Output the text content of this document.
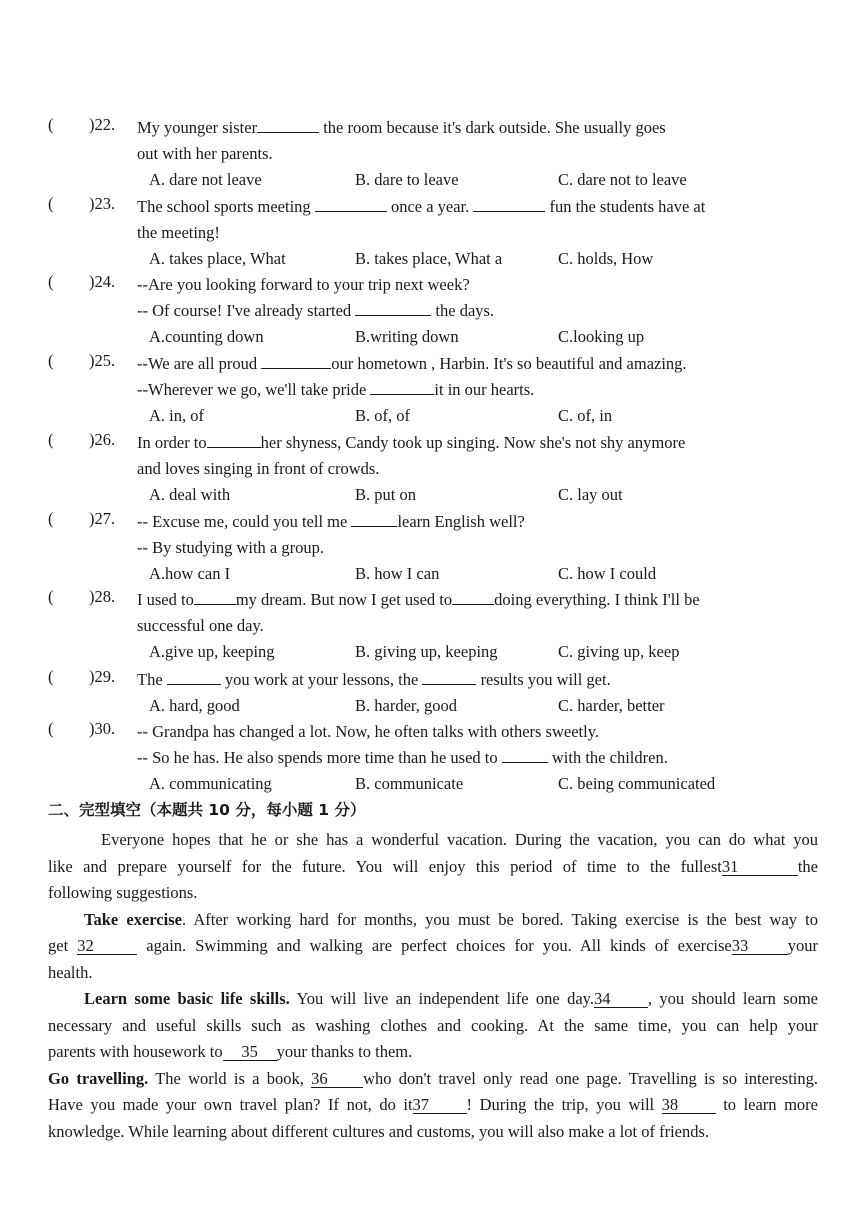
( )22. My younger sister	the room because it's dark outside. She usually goes
out with her parents.
A. dare not leave	B. dare to leave	C. dare not to leave
( )23. The school sports meeting	once a year.	fun the students have at
the meeting!
A. takes place, What	B. takes place, What a	C. holds, How
( )24. --Are you looking forward to your trip next week?
-- Of course! I've already started	the days.
A.counting down	B.writing down	C.looking up
( )25. --We are all proud	our hometown , Harbin. It's so beautiful and amazing.
--Wherever we go, we'll take pride	it in our hearts.
A. in, of	B. of, of	C. of, in
( )26. In order to	her shyness, Candy took up singing. Now she's not shy anymore
and loves singing in front of crowds.
A. deal with	B. put on	C. lay out
( )27. -- Excuse me, could you tell me	learn English well?
-- By studying with a group.
A.how can I	B. how I can	C. how I could
( )28. I used to	my dream. But now I get used to	doing everything. I think I'll be
successful one day.
A.give up, keeping	B. giving up, keeping	C. giving up, keep
( )29. The	you work at your lessons, the	results you will get.
A. hard, good	B. harder, good	C. harder, better
( )30. -- Grandpa has changed a lot. Now, he often talks with others sweetly.
-- So he has. He also spends more time than he used to	with the children.
A. communicating	B. communicate	C. being communicated
二、完型填空（本题共 10 分，每小题 1 分）
Everyone hopes that he or she has a wonderful vacation. During the vacation, you can do what you
like and prepare yourself for the future. You will enjoy this period of time to the fullest31	the
following suggestions.
Take exercise. After working hard for months, you must be bored. Taking exercise is the best way to
get 32	again. Swimming and walking are perfect choices for you. All kinds of exercise33 your
health.
Learn some basic life skills. You will live an independent life one day.34 , you should learn some
necessary and useful skills such as washing clothes and cooking. At the same time, you can help your
parents with housework to 35 your thanks to them.
Go travelling. The world is a book, 36 who don't travel only read one page. Travelling is so interesting.
Have you made your own travel plan? If not, do it37 ! During the trip, you will 38 to learn more
knowledge. While learning about different cultures and customs, you will also make a lot of friends.
